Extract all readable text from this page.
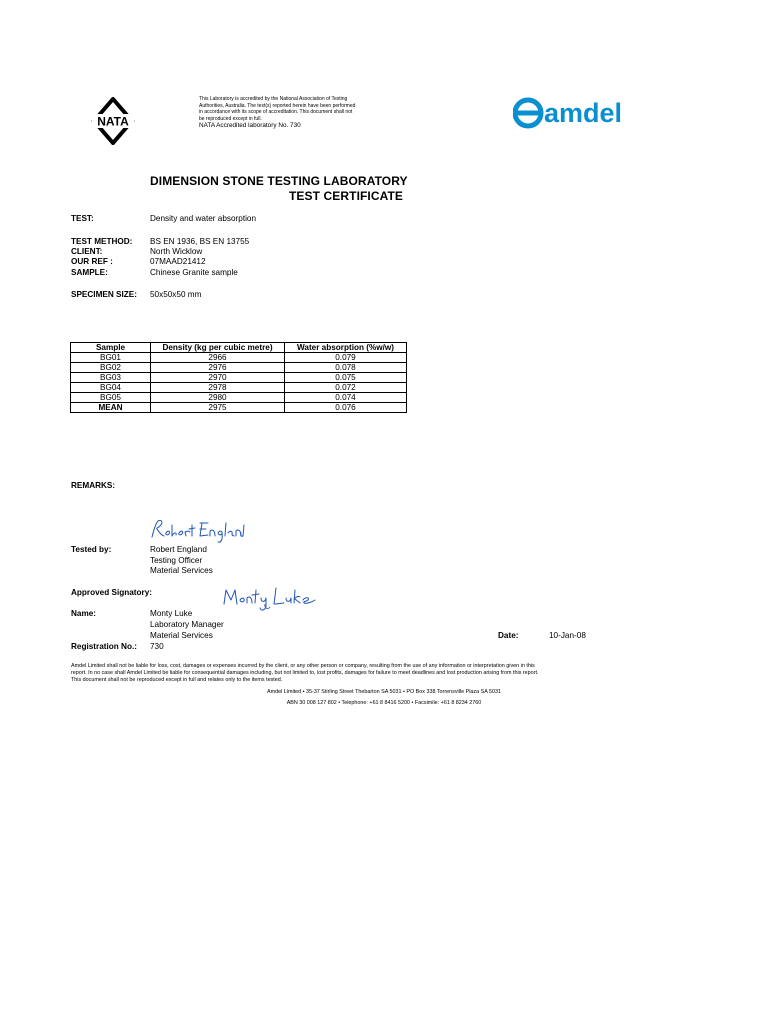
NATA
This Laboratory is accredited by the National Association of Testing
Authorities, Australia. The test(s) reported herein have been performed
in accordance with its scope of accreditation. This document shall not
be reproduced except in full.
NATA Accredited laboratory No. 730	amdel
DIMENSION STONE TESTING LABORATORY
TEST CERTIFICATE
TEST:	Density and water absorption
TEST METHOD: BS EN 1936, BS EN 13755
CLIENT:	North Wicklow
OUR REF :	07MAAD21412
SAMPLE:	Chinese Granite sample
SPECIMEN SIZE: 50x50x50 mm
Sample	Density (kg per cubic metre)	Water absorption (%w/w)
BG01	2966	0.079
BG02	2976	0.078
BG03	2970	0.075
BG04	2978	0.072
BG05	2980	0.074
MEAN	2975	0.076
REMARKS:
Tested by:	Robert England
Testing Officer
Material Services
Approved Signatory:
Name:	Monty Luke
Laboratory Manager
Material Services	Date:	10-Jan-08
Registration No.: 730
Amdel Limited shall not be liable for loss, cost, damages or expenses incurred by the client, or any other person or company, resulting from the use of any information or interpretation given in this
report. In no case shall Amdel Limited be liable for consequential damages including, but not limited to, lost profits, damages for failure to meet deadlines and lost production arising from this report.
This document shall not be reproduced except in full and relates only to the items tested.
Amdel Limited • 35-37 Stirling Street Thebarton SA 5031 • PO Box 338 Torrensville Plaza SA 5031
ABN 30 008 127 802 • Telephone: +61 8 8416 5200 • Facsimile: +61 8 8234 2760
